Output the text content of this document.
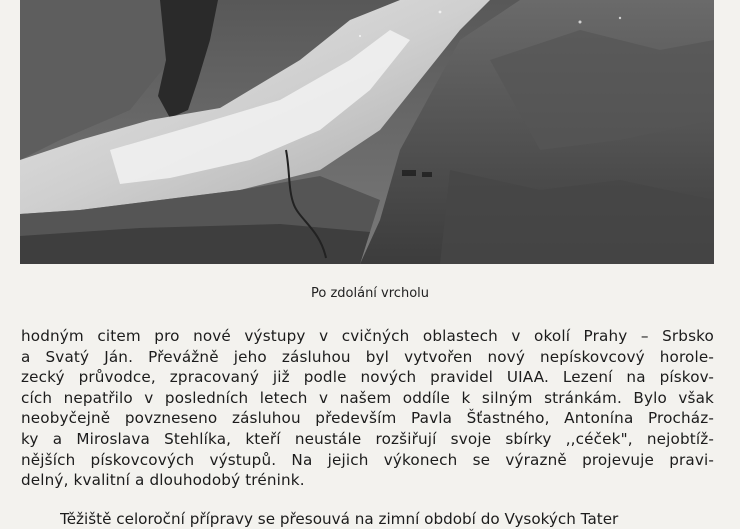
Po zdolání vrcholu
hodným citem pro nové výstupy v cvičných oblastech v okolí Prahy – Srbsko
a Svatý Ján. Převážně jeho zásluhou byl vytvořen nový nepískovcový horole-
zecký průvodce, zpracovaný již podle nových pravidel UIAA. Lezení na pískov-
cích nepatřilo v posledních letech v našem oddíle k silným stránkám. Bylo však
neobyčejně povzneseno zásluhou především Pavla Šťastného, Antonína Procház-
ky a Miroslava Stehlíka, kteří neustále rozšiřují svoje sbírky ,,céček", nejobtíž-
nějších pískovcových výstupů. Na jejich výkonech se výrazně projevuje pravi-
delný, kvalitní a dlouhodobý trénink.
Těžiště celoroční přípravy se přesouvá na zimní období do Vysokých Tater
